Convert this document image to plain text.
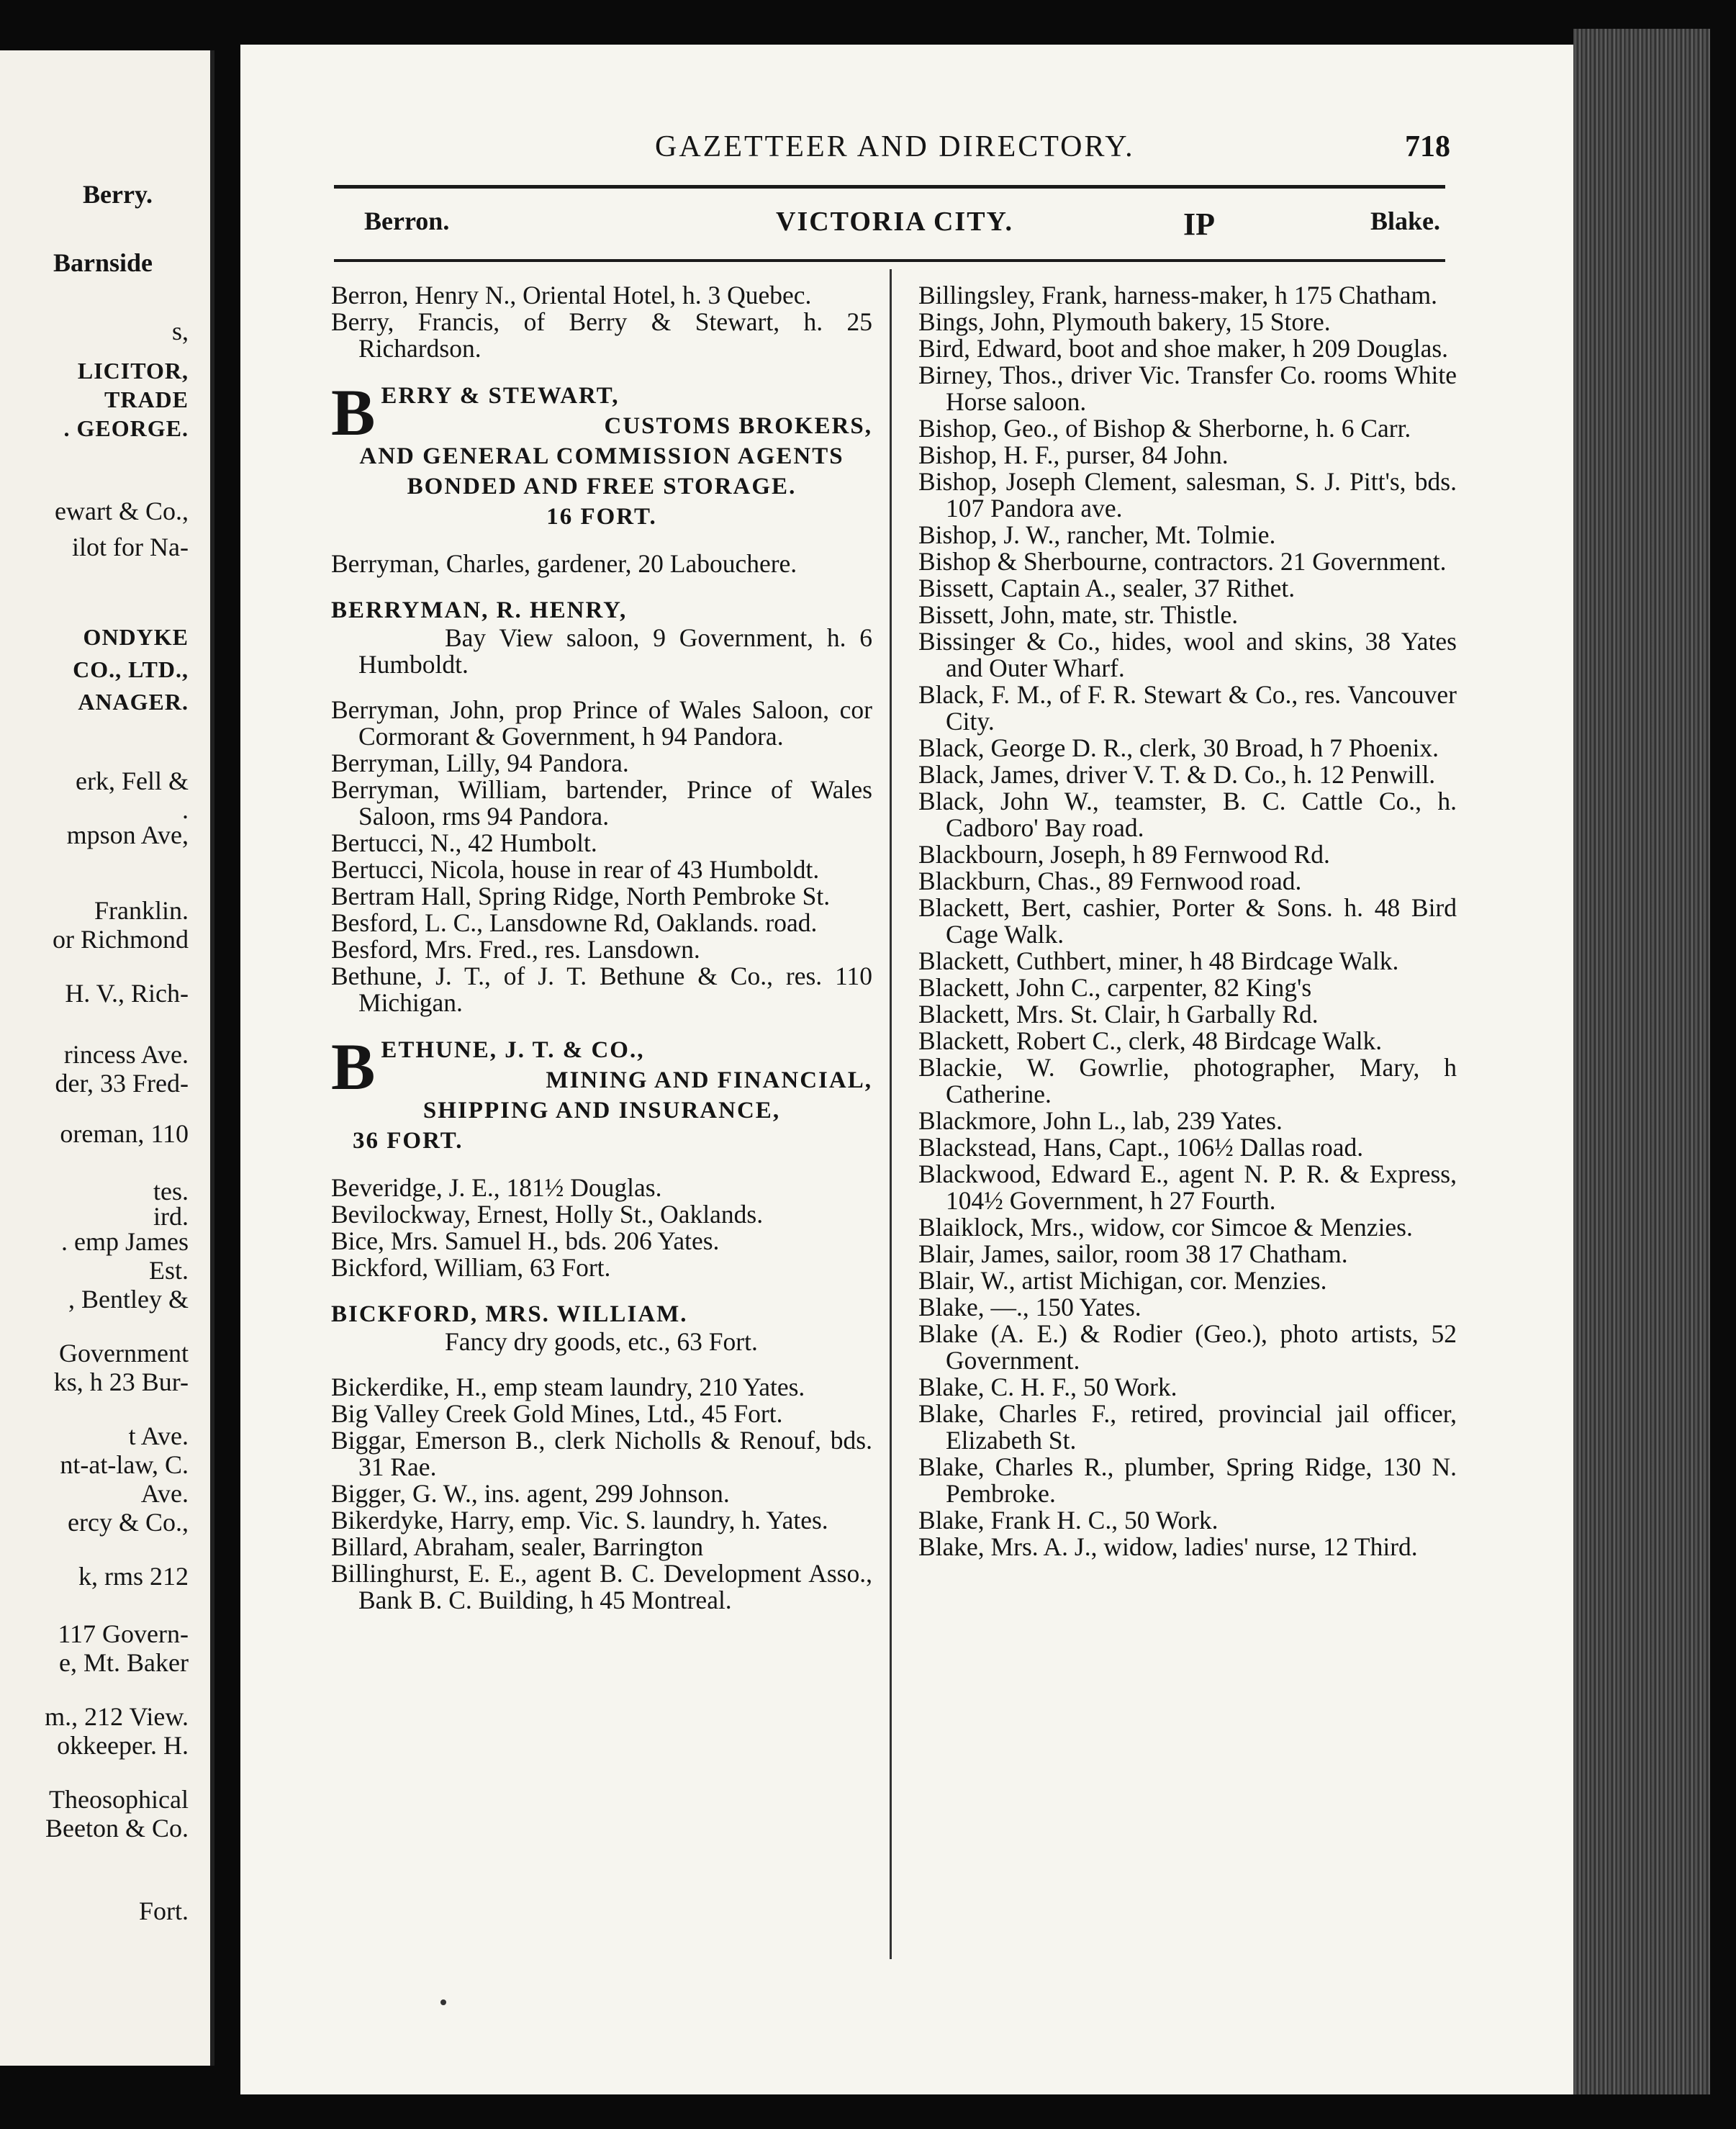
Berry.
Barnside
s,
LICITOR,
TRADE
. GEORGE.
ewart & Co.,
ilot for Na-
ONDYKE
CO., LTD.,
ANAGER.
erk, Fell &
.
mpson Ave,
Franklin.
or Richmond
H. V., Rich-
rincess Ave.
der, 33 Fred-
oreman, 110
tes.
ird.
. emp James
Est.
, Bentley &
Government
ks, h 23 Bur-
t Ave.
nt-at-law, C.
Ave.
ercy & Co.,
k, rms 212
117 Govern-
e, Mt. Baker
m., 212 View.
okkeeper. H.
Theosophical
Beeton & Co.
Fort.
GAZETTEER AND DIRECTORY.	718
Berron.	VICTORIA CITY.	IP	Blake.
Berron, Henry N., Oriental Hotel, h. 3 Quebec.
Berry, Francis, of Berry & Stewart, h. 25 Richardson.
B ERRY & STEWART,
CUSTOMS BROKERS,
AND GENERAL COMMISSION AGENTS
BONDED AND FREE STORAGE.
16 FORT.
Berryman, Charles, gardener, 20 Labouchere.
BERRYMAN, R. HENRY,
Bay View saloon, 9 Government, h. 6 Humboldt.
Berryman, John, prop Prince of Wales Saloon, cor Cormorant & Government, h 94 Pandora.
Berryman, Lilly, 94 Pandora.
Berryman, William, bartender, Prince of Wales Saloon, rms 94 Pandora.
Bertucci, N., 42 Humbolt.
Bertucci, Nicola, house in rear of 43 Humboldt.
Bertram Hall, Spring Ridge, North Pembroke St.
Besford, L. C., Lansdowne Rd, Oaklands. road.
Besford, Mrs. Fred., res. Lansdown.
Bethune, J. T., of J. T. Bethune & Co., res. 110 Michigan.
B ETHUNE, J. T. & CO.,
MINING AND FINANCIAL,
SHIPPING AND INSURANCE,
36 FORT.
Beveridge, J. E., 181½ Douglas.
Bevilockway, Ernest, Holly St., Oaklands.
Bice, Mrs. Samuel H., bds. 206 Yates.
Bickford, William, 63 Fort.
BICKFORD, MRS. WILLIAM.
Fancy dry goods, etc., 63 Fort.
Bickerdike, H., emp steam laundry, 210 Yates.
Big Valley Creek Gold Mines, Ltd., 45 Fort.
Biggar, Emerson B., clerk Nicholls & Renouf, bds. 31 Rae.
Bigger, G. W., ins. agent, 299 Johnson.
Bikerdyke, Harry, emp. Vic. S. laundry, h. Yates.
Billard, Abraham, sealer, Barrington
Billinghurst, E. E., agent B. C. Development Asso., Bank B. C. Building, h 45 Montreal.
Billingsley, Frank, harness-maker, h 175 Chatham.
Bings, John, Plymouth bakery, 15 Store.
Bird, Edward, boot and shoe maker, h 209 Douglas.
Birney, Thos., driver Vic. Transfer Co. rooms White Horse saloon.
Bishop, Geo., of Bishop & Sherborne, h. 6 Carr.
Bishop, H. F., purser, 84 John.
Bishop, Joseph Clement, salesman, S. J. Pitt's, bds. 107 Pandora ave.
Bishop, J. W., rancher, Mt. Tolmie.
Bishop & Sherbourne, contractors. 21 Government.
Bissett, Captain A., sealer, 37 Rithet.
Bissett, John, mate, str. Thistle.
Bissinger & Co., hides, wool and skins, 38 Yates and Outer Wharf.
Black, F. M., of F. R. Stewart & Co., res. Vancouver City.
Black, George D. R., clerk, 30 Broad, h 7 Phoenix.
Black, James, driver V. T. & D. Co., h. 12 Penwill.
Black, John W., teamster, B. C. Cattle Co., h. Cadboro' Bay road.
Blackbourn, Joseph, h 89 Fernwood Rd.
Blackburn, Chas., 89 Fernwood road.
Blackett, Bert, cashier, Porter & Sons. h. 48 Bird Cage Walk.
Blackett, Cuthbert, miner, h 48 Birdcage Walk.
Blackett, John C., carpenter, 82 King's
Blackett, Mrs. St. Clair, h Garbally Rd.
Blackett, Robert C., clerk, 48 Birdcage Walk.
Blackie, W. Gowrlie, photographer, Mary, h Catherine.
Blackmore, John L., lab, 239 Yates.
Blackstead, Hans, Capt., 106½ Dallas road.
Blackwood, Edward E., agent N. P. R. & Express, 104½ Government, h 27 Fourth.
Blaiklock, Mrs., widow, cor Simcoe & Menzies.
Blair, James, sailor, room 38 17 Chatham.
Blair, W., artist Michigan, cor. Menzies.
Blake, —., 150 Yates.
Blake (A. E.) & Rodier (Geo.), photo artists, 52 Government.
Blake, C. H. F., 50 Work.
Blake, Charles F., retired, provincial jail officer, Elizabeth St.
Blake, Charles R., plumber, Spring Ridge, 130 N. Pembroke.
Blake, Frank H. C., 50 Work.
Blake, Mrs. A. J., widow, ladies' nurse, 12 Third.
